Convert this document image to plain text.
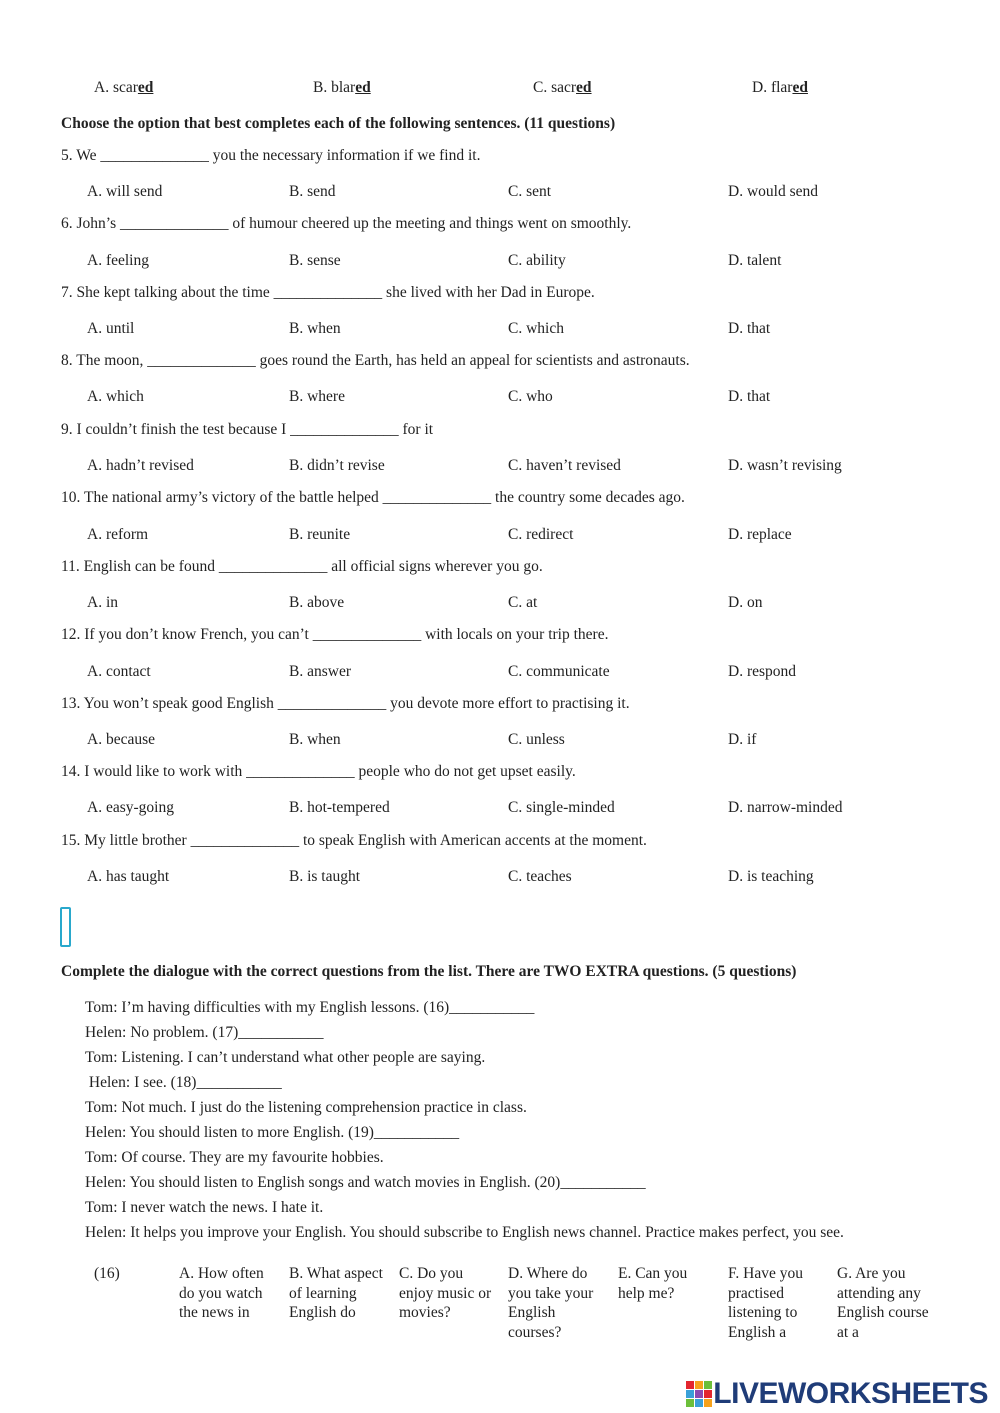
A. scared	B. blared	C. sacred	D. flared
Choose the option that best completes each of the following sentences. (11 questions)
5. We ______________ you the necessary information if we find it.
A. will send	B. send	C. sent	D. would send
6. John’s ______________ of humour cheered up the meeting and things went on smoothly.
A. feeling	B. sense	C. ability	D. talent
7. She kept talking about the time ______________ she lived with her Dad in Europe.
A. until	B. when	C. which	D. that
8. The moon, ______________ goes round the Earth, has held an appeal for scientists and astronauts.
A. which	B. where	C. who	D. that
9. I couldn’t finish the test because I ______________ for it
A. hadn’t revised	B. didn’t revise	C. haven’t revised	D. wasn’t revising
10. The national army’s victory of the battle helped ______________ the country some decades ago.
A. reform	B. reunite	C. redirect	D. replace
11. English can be found ______________ all official signs wherever you go.
A. in	B. above	C. at	D. on
12. If you don’t know French, you can’t ______________ with locals on your trip there.
A. contact	B. answer	C. communicate	D. respond
13. You won’t speak good English ______________ you devote more effort to practising it.
A. because	B. when	C. unless	D. if
14. I would like to work with ______________ people who do not get upset easily.
A. easy-going	B. hot-tempered	C. single-minded	D. narrow-minded
15. My little brother ______________ to speak English with American accents at the moment.
A. has taught	B. is taught	C. teaches	D. is teaching
Complete the dialogue with the correct questions from the list. There are TWO EXTRA questions. (5 questions)
Tom: I’m having difficulties with my English lessons. (16)___________
Helen: No problem. (17)___________
Tom: Listening. I can’t understand what other people are saying.
Helen: I see. (18)___________
Tom: Not much. I just do the listening comprehension practice in class.
Helen: You should listen to more English. (19)___________
Tom: Of course. They are my favourite hobbies.
Helen: You should listen to English songs and watch movies in English. (20)___________
Tom: I never watch the news. I hate it.
Helen: It helps you improve your English. You should subscribe to English news channel. Practice makes perfect, you see.
(16)	A. How often do you watch the news in
B. What aspect of learning English do
C. Do you enjoy music or movies?
D. Where do you take your English courses?
E. Can you help me?
F. Have you practised listening to English a
G. Are you attending any English course at a
LIVEWORKSHEETS
